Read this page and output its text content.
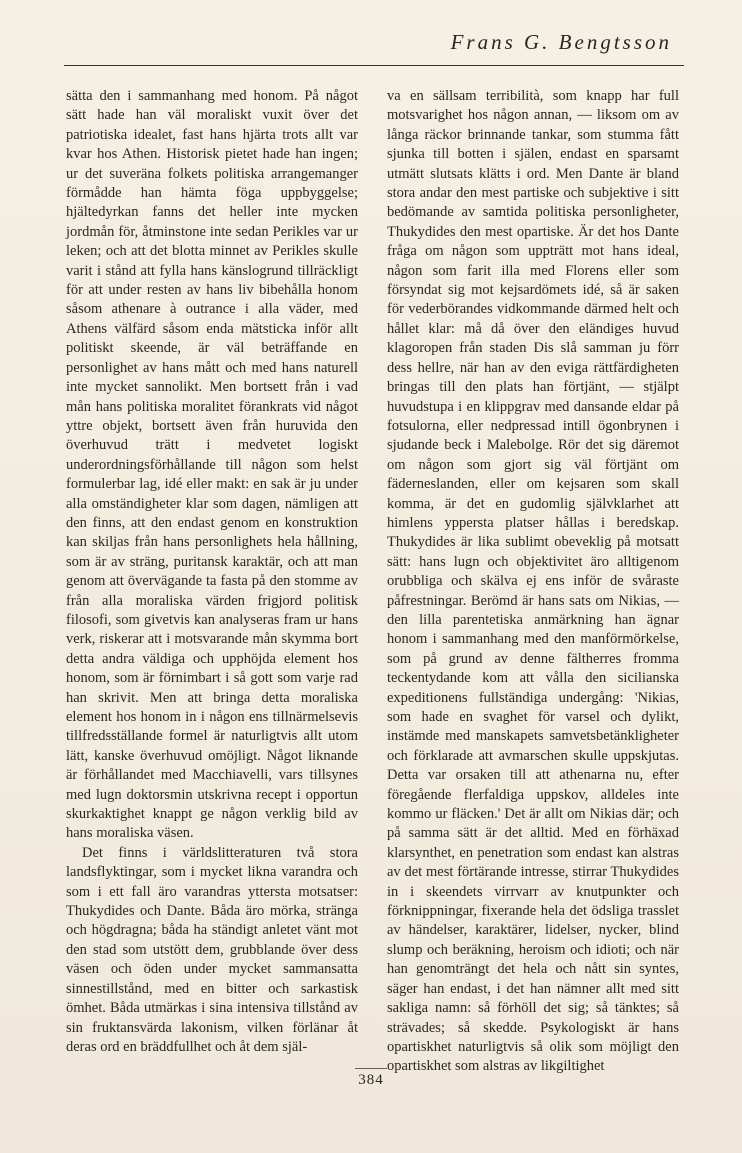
Frans G. Bengtsson

sätta den i sammanhang med honom. På något sätt hade han väl moraliskt vuxit över det patriotiska idealet, fast hans hjärta trots allt var kvar hos Athen. Historisk pietet hade han ingen; ur det suveräna folkets politiska arrangemanger förmådde han hämta föga uppbyggelse; hjältedyrkan fanns det heller inte mycken jordmån för, åtminstone inte sedan Perikles var ur leken; och att det blotta minnet av Perikles skulle varit i stånd att fylla hans känslogrund tillräckligt för att under resten av hans liv bibehålla honom såsom athenare à outrance i alla väder, med Athens välfärd såsom enda mätsticka inför allt politiskt skeende, är väl beträffande en personlighet av hans mått och med hans naturell inte mycket sannolikt. Men bortsett från i vad mån hans politiska moralitet förankrats vid något yttre objekt, bortsett även från huruvida den överhuvud trätt i medvetet logiskt underordningsförhållande till någon som helst formulerbar lag, idé eller makt: en sak är ju under alla omständigheter klar som dagen, nämligen att den finns, att den endast genom en konstruktion kan skiljas från hans personlighets hela hållning, som är av sträng, puritansk karaktär, och att man genom att övervägande ta fasta på den stomme av från alla moraliska värden frigjord politisk filosofi, som givetvis kan analyseras fram ur hans verk, riskerar att i motsvarande mån skymma bort detta andra väldiga och upphöjda element hos honom, som är förnimbart i så gott som varje rad han skrivit. Men att bringa detta moraliska element hos honom in i någon ens tillnärmelsevis tillfredsställande formel är naturligtvis allt utom lätt, kanske överhuvud omöjligt. Något liknande är förhållandet med Macchiavelli, vars tillsynes med lugn doktorsmin utskrivna recept i opportun skurkaktighet knappt ge någon verklig bild av hans moraliska väsen.

Det finns i världslitteraturen två stora landsflyktingar, som i mycket likna varandra och som i ett fall äro varandras yttersta motsatser: Thukydides och Dante. Båda äro mörka, stränga och högdragna; båda ha ständigt anletet vänt mot den stad som utstött dem, grubblande över dess väsen och öden under mycket sammansatta sinnestillstånd, med en bitter och sarkastisk ömhet. Båda utmärkas i sina intensiva tillstånd av sin fruktansvärda lakonism, vilken förlänar åt deras ord en bräddfullhet och åt dem själ-

va en sällsam terribilità, som knapp har full motsvarighet hos någon annan, — liksom om av långa räckor brinnande tankar, som stumma fått sjunka till botten i själen, endast en sparsamt utmätt slutsats klätts i ord. Men Dante är bland stora andar den mest partiske och subjektive i sitt bedömande av samtida politiska personligheter, Thukydides den mest opartiske. Är det hos Dante fråga om någon som uppträtt mot hans ideal, någon som farit illa med Florens eller som försyndat sig mot kejsardömets idé, så är saken för vederbörandes vidkommande därmed helt och hållet klar: må då över den eländiges huvud klagoropen från staden Dis slå samman ju förr dess hellre, när han av den eviga rättfärdigheten bringas till den plats han förtjänt, — stjälpt huvudstupa i en klippgrav med dansande eldar på fotsulorna, eller nedpressad intill ögonbrynen i sjudande beck i Malebolge. Rör det sig däremot om någon som gjort sig väl förtjänt om fäderneslanden, eller om kejsaren som skall komma, är det en gudomlig självklarhet att himlens ypperstа platser hållas i beredskap. Thukydides är lika sublimt obeveklig på motsatt sätt: hans lugn och objektivitet äro alltigenom orubbliga och skälva ej ens inför de svåraste påfrestningar. Berömd är hans sats om Nikias, — den lilla parentetiska anmärkning han ägnar honom i sammanhang med den manförmörkelse, som på grund av denne fältherres fromma teckentydande kom att vålla den sicilianska expeditionens fullständiga undergång: 'Nikias, som hade en svaghet för varsel och dylikt, instämde med manskapets samvetsbetänkligheter och förklarade att avmarschen skulle uppskjutas. Detta var orsaken till att athenarna nu, efter föregående flerfaldiga uppskov, alldeles inte kommo ur fläcken.' Det är allt om Nikias där; och på samma sätt är det alltid. Med en förhäxad klarsynthet, en penetration som endast kan alstras av det mest förtärande intresse, stirrar Thukydides in i skeendets virrvarr av knutpunkter och förknippningar, fixerande hela det ödsliga trasslet av händelser, karaktärer, lidelser, nycker, blind slump och beräkning, heroism och idioti; och när han genomträngt det hela och nått sin syntes, säger han endast, i det han nämner allt med sitt sakliga namn: så förhöll det sig; så tänktes; så strävades; så skedde. Psykologiskt är hans opartiskhet naturligtvis så olik som möjligt den opartiskhet som alstras av likgiltighet

384
